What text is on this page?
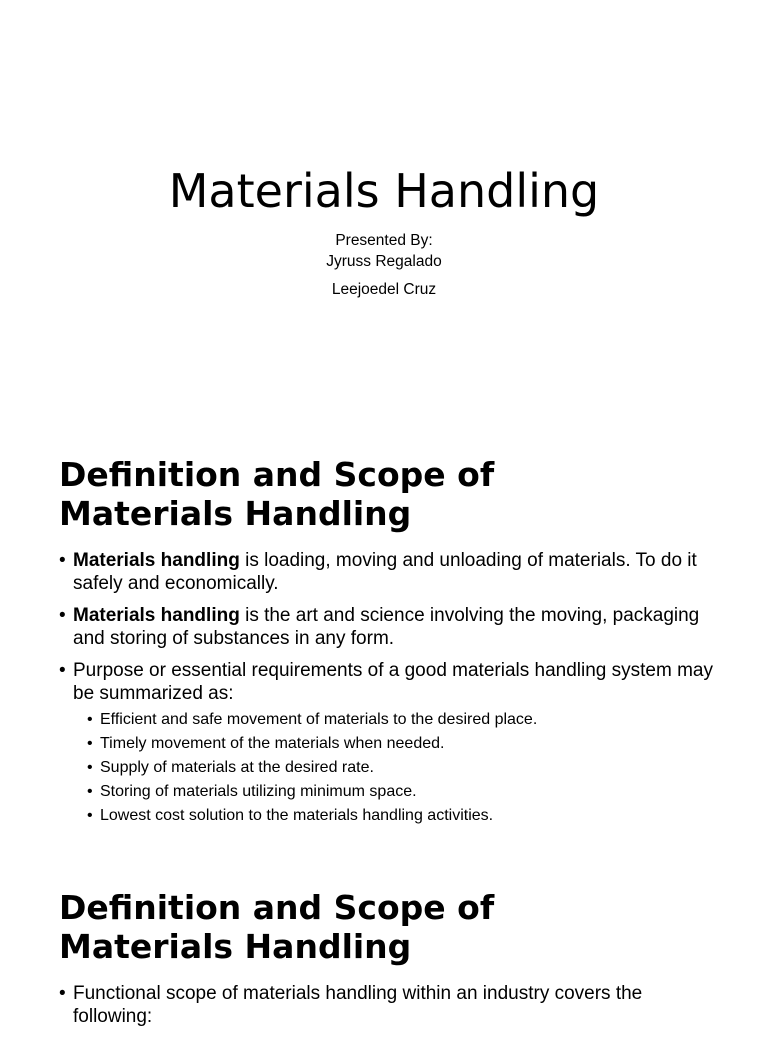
Materials Handling
Presented By:
Jyruss Regalado
Leejoedel Cruz
Definition and Scope of
Materials Handling
• Materials handling is loading, moving and unloading of materials. To do it safely and economically.
• Materials handling is the art and science involving the moving, packaging and storing of substances in any form.
• Purpose or essential requirements of a good materials handling system may be summarized as:
• Efficient and safe movement of materials to the desired place.
• Timely movement of the materials when needed.
• Supply of materials at the desired rate.
• Storing of materials utilizing minimum space.
• Lowest cost solution to the materials handling activities.
Definition and Scope of
Materials Handling
• Functional scope of materials handling within an industry covers the following:
